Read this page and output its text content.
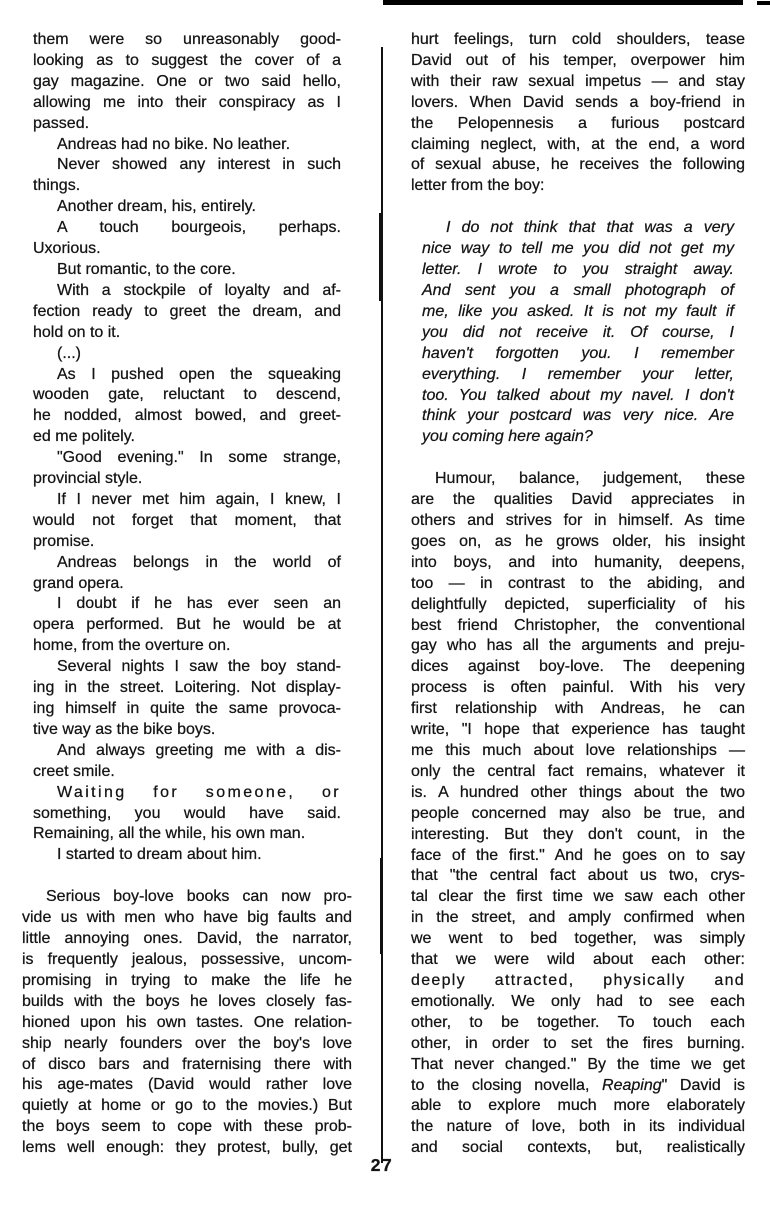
them were so unreasonably good-
looking as to suggest the cover of a
gay magazine. One or two said hello,
allowing me into their conspiracy as I
passed.
Andreas had no bike. No leather.
Never showed any interest in such
things.
Another dream, his, entirely.
A touch bourgeois, perhaps.
Uxorious.
But romantic, to the core.
With a stockpile of loyalty and af-
fection ready to greet the dream, and
hold on to it.
(...)
As I pushed open the squeaking
wooden gate, reluctant to descend,
he nodded, almost bowed, and greet-
ed me politely.
"Good evening." In some strange,
provincial style.
If I never met him again, I knew, I
would not forget that moment, that
promise.
Andreas belongs in the world of
grand opera.
I doubt if he has ever seen an
opera performed. But he would be at
home, from the overture on.
Several nights I saw the boy stand-
ing in the street. Loitering. Not display-
ing himself in quite the same provoca-
tive way as the bike boys.
And always greeting me with a dis-
creet smile.
Waiting for someone, or
something, you would have said.
Remaining, all the while, his own man.
I started to dream about him.
Serious boy-love books can now pro-
vide us with men who have big faults and
little annoying ones. David, the narrator,
is frequently jealous, possessive, uncom-
promising in trying to make the life he
builds with the boys he loves closely fas-
hioned upon his own tastes. One relation-
ship nearly founders over the boy's love
of disco bars and fraternising there with
his age-mates (David would rather love
quietly at home or go to the movies.) But
the boys seem to cope with these prob-
lems well enough: they protest, bully, get
hurt feelings, turn cold shoulders, tease
David out of his temper, overpower him
with their raw sexual impetus — and stay
lovers. When David sends a boy-friend in
the Pelopennesis a furious postcard
claiming neglect, with, at the end, a word
of sexual abuse, he receives the following
letter from the boy:
I do not think that that was a very
nice way to tell me you did not get my
letter. I wrote to you straight away.
And sent you a small photograph of
me, like you asked. It is not my fault if
you did not receive it. Of course, I
haven't forgotten you. I remember
everything. I remember your letter,
too. You talked about my navel. I don't
think your postcard was very nice. Are
you coming here again?
Humour, balance, judgement, these
are the qualities David appreciates in
others and strives for in himself. As time
goes on, as he grows older, his insight
into boys, and into humanity, deepens,
too — in contrast to the abiding, and
delightfully depicted, superficiality of his
best friend Christopher, the conventional
gay who has all the arguments and preju-
dices against boy-love. The deepening
process is often painful. With his very
first relationship with Andreas, he can
write, "I hope that experience has taught
me this much about love relationships —
only the central fact remains, whatever it
is. A hundred other things about the two
people concerned may also be true, and
interesting. But they don't count, in the
face of the first." And he goes on to say
that "the central fact about us two, crys-
tal clear the first time we saw each other
in the street, and amply confirmed when
we went to bed together, was simply
that we were wild about each other:
deeply attracted, physically and
emotionally. We only had to see each
other, to be together. To touch each
other, in order to set the fires burning.
That never changed." By the time we get
to the closing novella, Reaping" David is
able to explore much more elaborately
the nature of love, both in its individual
and social contexts, but, realistically
27
